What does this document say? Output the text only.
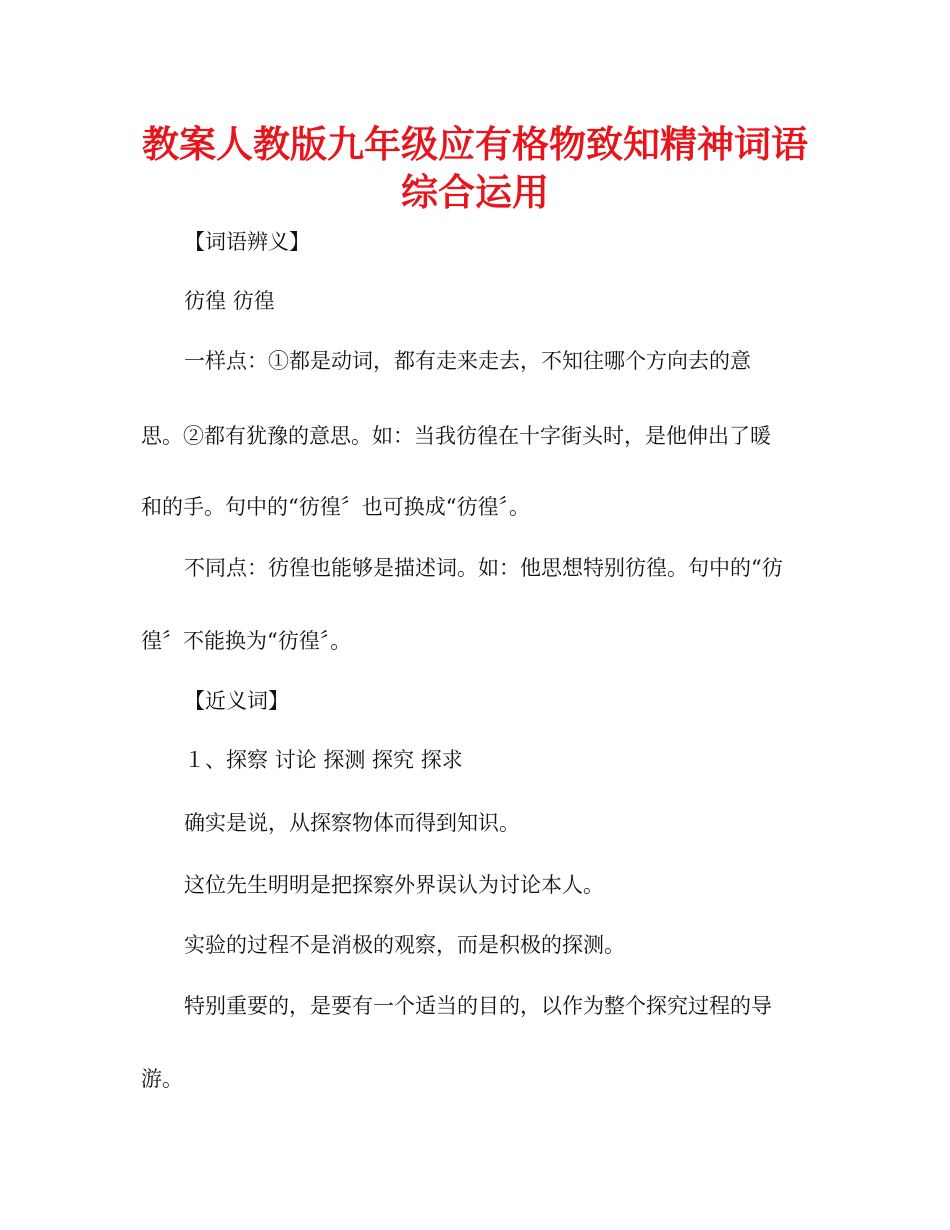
教案人教版九年级应有格物致知精神词语
综合运用

【词语辨义】

彷徨 彷徨

一样点：①都是动词，都有走来走去，不知往哪个方向去的意

思。②都有犹豫的意思。如：当我彷徨在十字街头时，是他伸出了暖

和的手。句中的“彷徨〞也可换成“彷徨〞。

不同点：彷徨也能够是描述词。如：他思想特别彷徨。句中的“彷

徨〞不能换为“彷徨〞。

【近义词】

１、探察 讨论 探测 探究 探求

确实是说，从探察物体而得到知识。

这位先生明明是把探察外界误认为讨论本人。

实验的过程不是消极的观察，而是积极的探测。

特别重要的，是要有一个适当的目的，以作为整个探究过程的导

游。
